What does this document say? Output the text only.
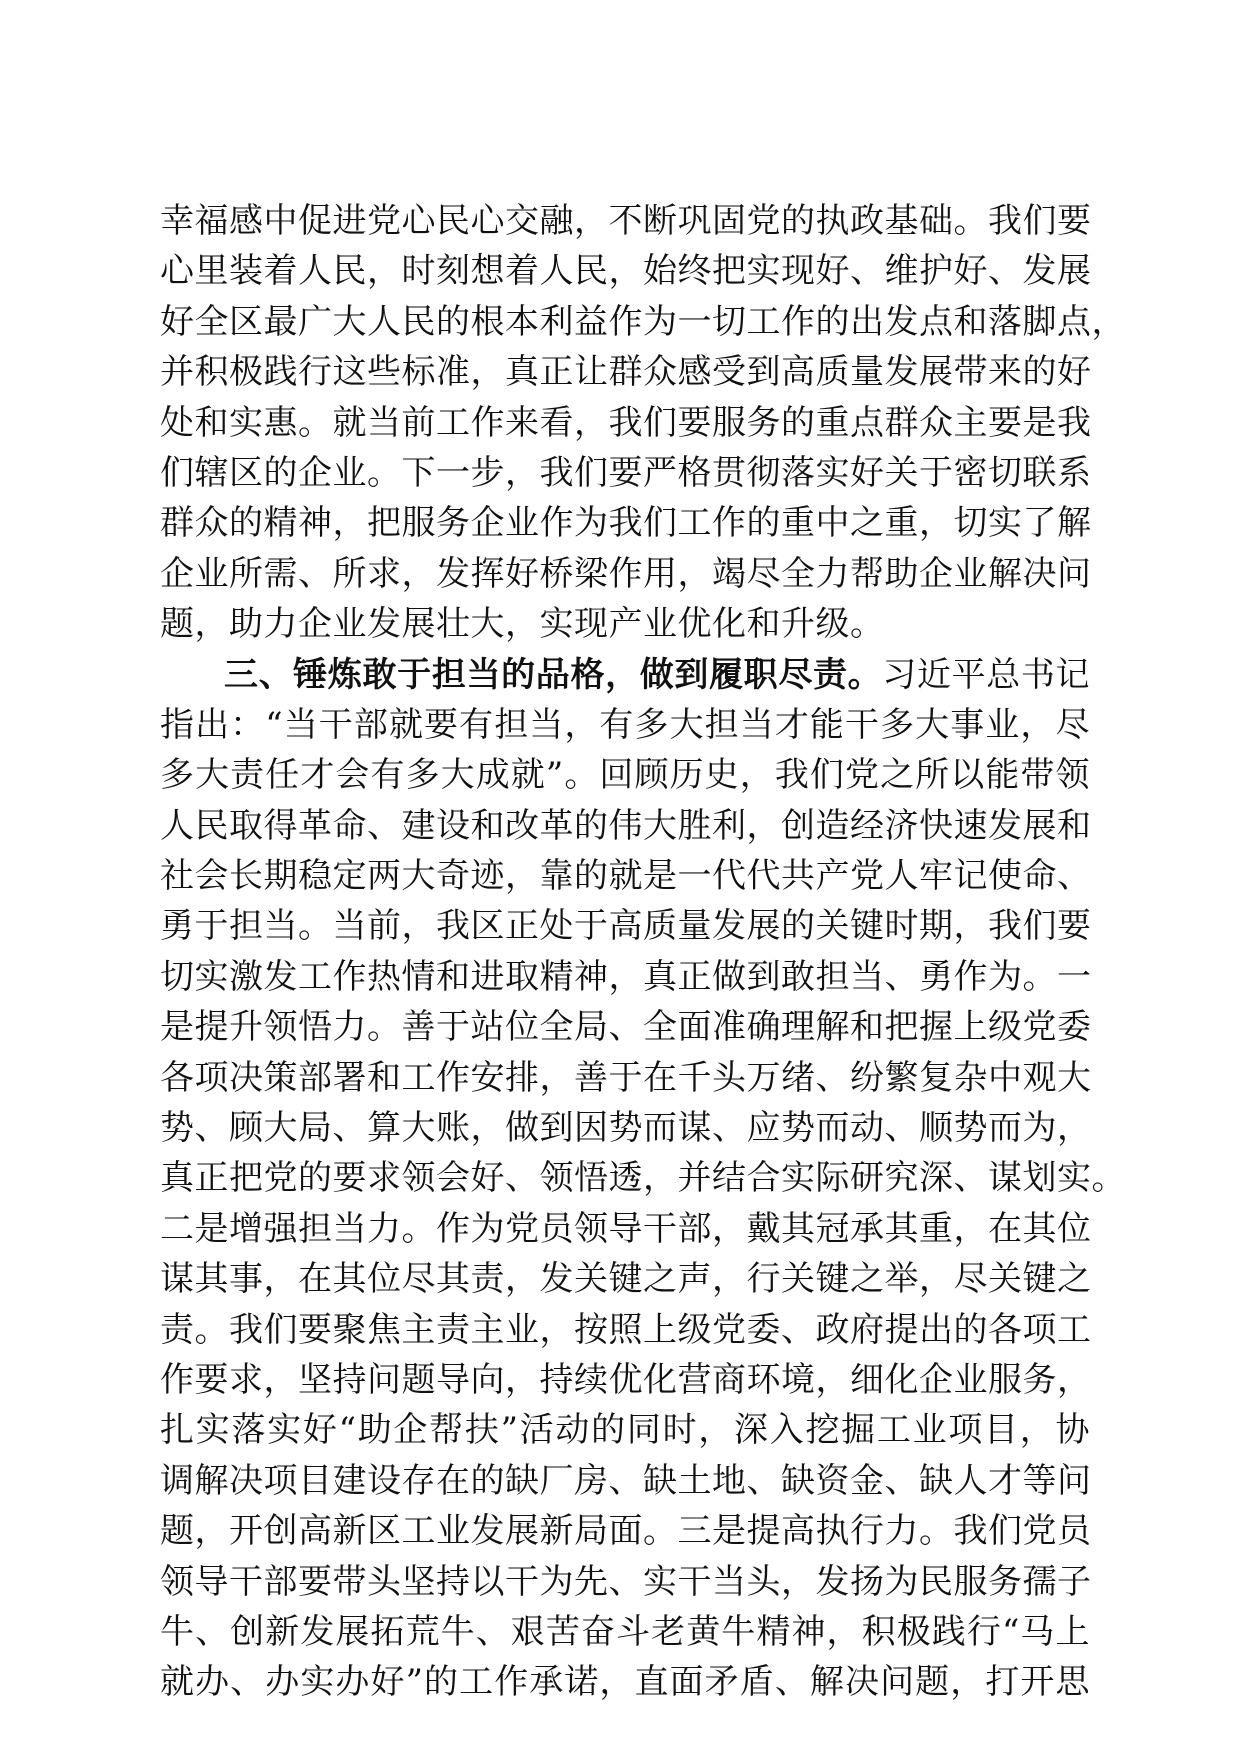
幸福感中促进党心民心交融，不断巩固党的执政基础。我们要
心里装着人民，时刻想着人民，始终把实现好、维护好、发展
好全区最广大人民的根本利益作为一切工作的出发点和落脚点，
并积极践行这些标准，真正让群众感受到高质量发展带来的好
处和实惠。就当前工作来看，我们要服务的重点群众主要是我
们辖区的企业。下一步，我们要严格贯彻落实好关于密切联系
群众的精神，把服务企业作为我们工作的重中之重，切实了解
企业所需、所求，发挥好桥梁作用，竭尽全力帮助企业解决问
题，助力企业发展壮大，实现产业优化和升级。
三、锤炼敢于担当的品格，做到履职尽责。习近平总书记
指出：“当干部就要有担当，有多大担当才能干多大事业，尽
多大责任才会有多大成就”。回顾历史，我们党之所以能带领
人民取得革命、建设和改革的伟大胜利，创造经济快速发展和
社会长期稳定两大奇迹，靠的就是一代代共产党人牢记使命、
勇于担当。当前，我区正处于高质量发展的关键时期，我们要
切实激发工作热情和进取精神，真正做到敢担当、勇作为。一
是提升领悟力。善于站位全局、全面准确理解和把握上级党委
各项决策部署和工作安排，善于在千头万绪、纷繁复杂中观大
势、顾大局、算大账，做到因势而谋、应势而动、顺势而为，
真正把党的要求领会好、领悟透，并结合实际研究深、谋划实。
二是增强担当力。作为党员领导干部，戴其冠承其重，在其位
谋其事，在其位尽其责，发关键之声，行关键之举，尽关键之
责。我们要聚焦主责主业，按照上级党委、政府提出的各项工
作要求，坚持问题导向，持续优化营商环境，细化企业服务，
扎实落实好“助企帮扶”活动的同时，深入挖掘工业项目，协
调解决项目建设存在的缺厂房、缺土地、缺资金、缺人才等问
题，开创高新区工业发展新局面。三是提高执行力。我们党员
领导干部要带头坚持以干为先、实干当头，发扬为民服务孺子
牛、创新发展拓荒牛、艰苦奋斗老黄牛精神，积极践行“马上
就办、办实办好”的工作承诺，直面矛盾、解决问题，打开思
